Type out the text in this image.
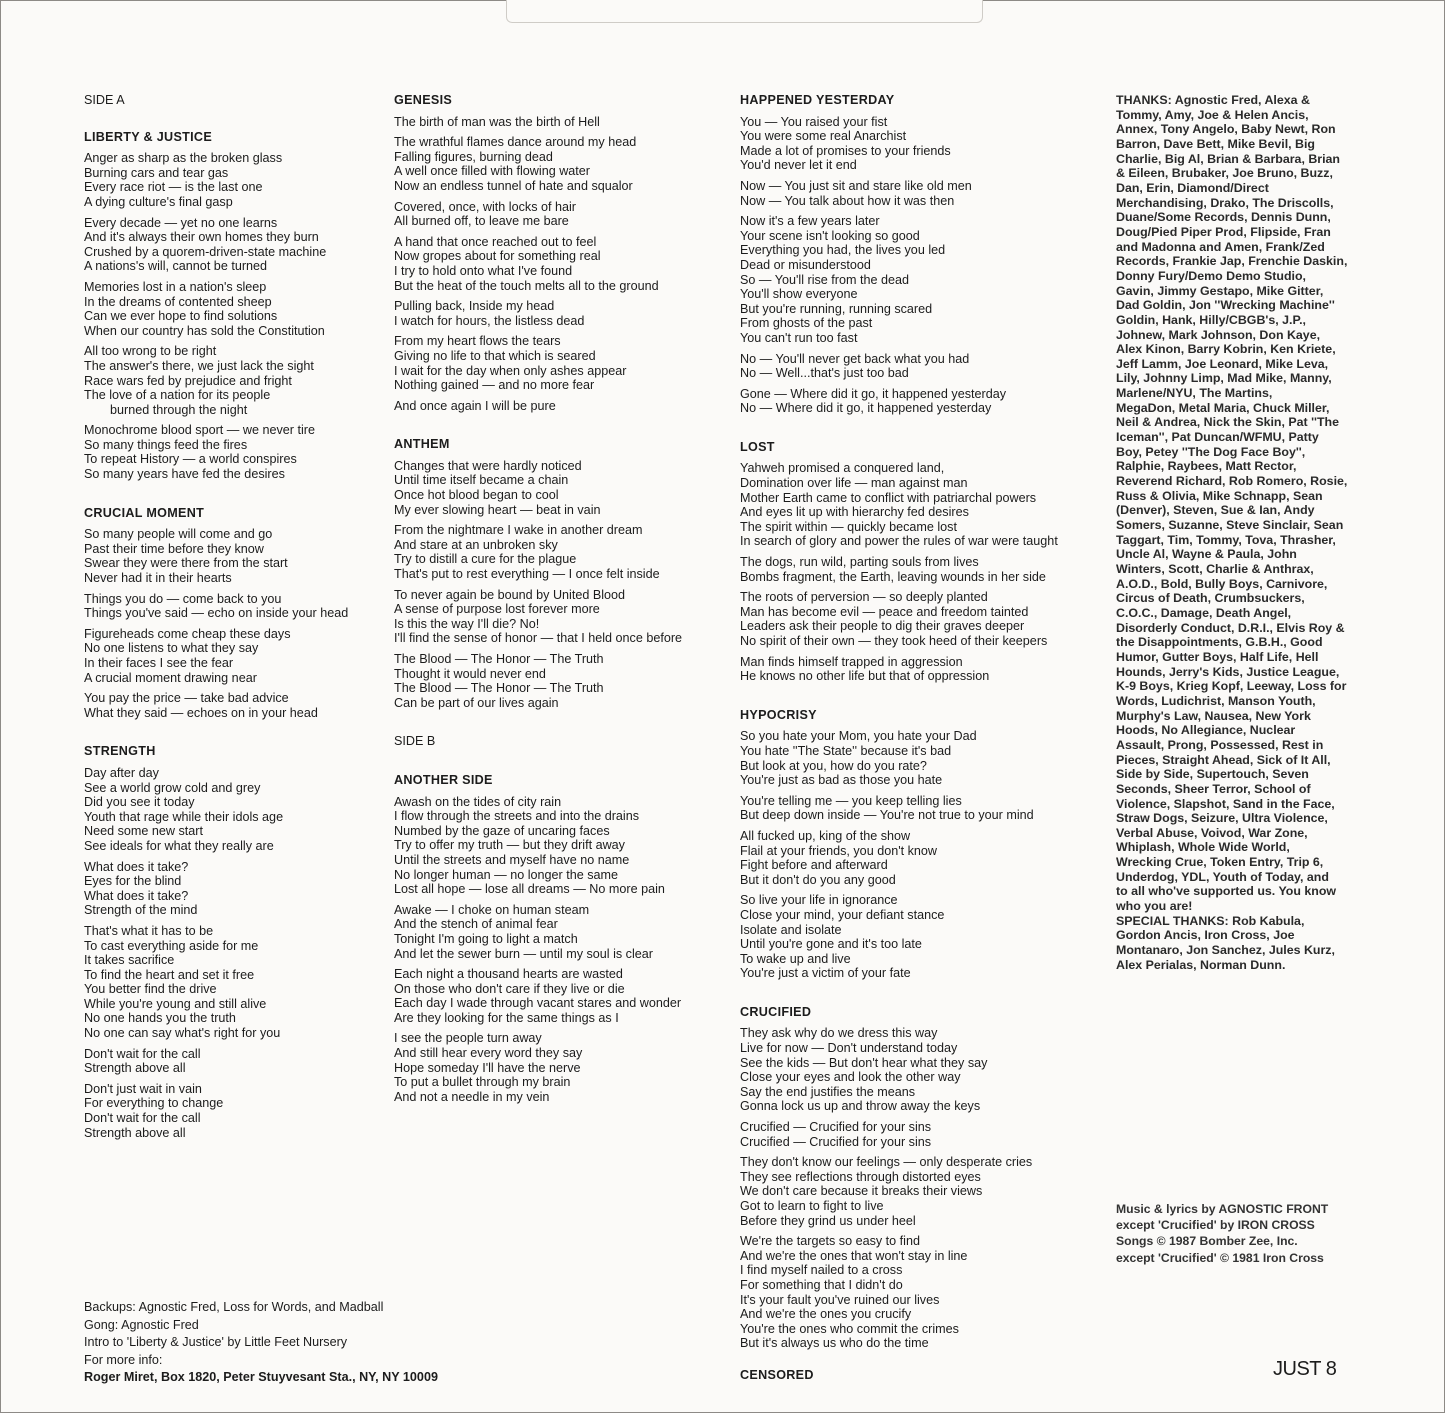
SIDE A
LIBERTY & JUSTICE
Anger as sharp as the broken glass
Burning cars and tear gas
Every race riot — is the last one
A dying culture's final gasp
Every decade — yet no one learns
And it's always their own homes they burn
Crushed by a quorem-driven-state machine
A nations's will, cannot be turned
Memories lost in a nation's sleep
In the dreams of contented sheep
Can we ever hope to find solutions
When our country has sold the Constitution
All too wrong to be right
The answer's there, we just lack the sight
Race wars fed by prejudice and fright
The love of a nation for its people
burned through the night
Monochrome blood sport — we never tire
So many things feed the fires
To repeat History — a world conspires
So many years have fed the desires
CRUCIAL MOMENT
So many people will come and go
Past their time before they know
Swear they were there from the start
Never had it in their hearts
Things you do — come back to you
Things you've said — echo on inside your head
Figureheads come cheap these days
No one listens to what they say
In their faces I see the fear
A crucial moment drawing near
You pay the price — take bad advice
What they said — echoes on in your head
STRENGTH
Day after day
See a world grow cold and grey
Did you see it today
Youth that rage while their idols age
Need some new start
See ideals for what they really are
What does it take?
Eyes for the blind
What does it take?
Strength of the mind
That's what it has to be
To cast everything aside for me
It takes sacrifice
To find the heart and set it free
You better find the drive
While you're young and still alive
No one hands you the truth
No one can say what's right for you
Don't wait for the call
Strength above all
Don't just wait in vain
For everything to change
Don't wait for the call
Strength above all
GENESIS
The birth of man was the birth of Hell
The wrathful flames dance around my head
Falling figures, burning dead
A well once filled with flowing water
Now an endless tunnel of hate and squalor
Covered, once, with locks of hair
All burned off, to leave me bare
A hand that once reached out to feel
Now gropes about for something real
I try to hold onto what I've found
But the heat of the touch melts all to the ground
Pulling back, Inside my head
I watch for hours, the listless dead
From my heart flows the tears
Giving no life to that which is seared
I wait for the day when only ashes appear
Nothing gained — and no more fear
And once again I will be pure
ANTHEM
Changes that were hardly noticed
Until time itself became a chain
Once hot blood began to cool
My ever slowing heart — beat in vain
From the nightmare I wake in another dream
And stare at an unbroken sky
Try to distill a cure for the plague
That's put to rest everything — I once felt inside
To never again be bound by United Blood
A sense of purpose lost forever more
Is this the way I'll die? No!
I'll find the sense of honor — that I held once before
The Blood — The Honor — The Truth
Thought it would never end
The Blood — The Honor — The Truth
Can be part of our lives again
SIDE B
ANOTHER SIDE
Awash on the tides of city rain
I flow through the streets and into the drains
Numbed by the gaze of uncaring faces
Try to offer my truth — but they drift away
Until the streets and myself have no name
No longer human — no longer the same
Lost all hope — lose all dreams — No more pain
Awake — I choke on human steam
And the stench of animal fear
Tonight I'm going to light a match
And let the sewer burn — until my soul is clear
Each night a thousand hearts are wasted
On those who don't care if they live or die
Each day I wade through vacant stares and wonder
Are they looking for the same things as I
I see the people turn away
And still hear every word they say
Hope someday I'll have the nerve
To put a bullet through my brain
And not a needle in my vein
HAPPENED YESTERDAY
You — You raised your fist
You were some real Anarchist
Made a lot of promises to your friends
You'd never let it end
Now — You just sit and stare like old men
Now — You talk about how it was then
Now it's a few years later
Your scene isn't looking so good
Everything you had, the lives you led
Dead or misunderstood
So — You'll rise from the dead
You'll show everyone
But you're running, running scared
From ghosts of the past
You can't run too fast
No — You'll never get back what you had
No — Well...that's just too bad
Gone — Where did it go, it happened yesterday
No — Where did it go, it happened yesterday
LOST
Yahweh promised a conquered land,
Domination over life — man against man
Mother Earth came to conflict with patriarchal powers
And eyes lit up with hierarchy fed desires
The spirit within — quickly became lost
In search of glory and power the rules of war were taught
The dogs, run wild, parting souls from lives
Bombs fragment, the Earth, leaving wounds in her side
The roots of perversion — so deeply planted
Man has become evil — peace and freedom tainted
Leaders ask their people to dig their graves deeper
No spirit of their own — they took heed of their keepers
Man finds himself trapped in aggression
He knows no other life but that of oppression
HYPOCRISY
So you hate your Mom, you hate your Dad
You hate ''The State'' because it's bad
But look at you, how do you rate?
You're just as bad as those you hate
You're telling me — you keep telling lies
But deep down inside — You're not true to your mind
All fucked up, king of the show
Flail at your friends, you don't know
Fight before and afterward
But it don't do you any good
So live your life in ignorance
Close your mind, your defiant stance
Isolate and isolate
Until you're gone and it's too late
To wake up and live
You're just a victim of your fate
CRUCIFIED
They ask why do we dress this way
Live for now — Don't understand today
See the kids — But don't hear what they say
Close your eyes and look the other way
Say the end justifies the means
Gonna lock us up and throw away the keys
Crucified — Crucified for your sins
Crucified — Crucified for your sins
They don't know our feelings — only desperate cries
They see reflections through distorted eyes
We don't care because it breaks their views
Got to learn to fight to live
Before they grind us under heel
We're the targets so easy to find
And we're the ones that won't stay in line
I find myself nailed to a cross
For something that I didn't do
It's your fault you've ruined our lives
And we're the ones you crucify
You're the ones who commit the crimes
But it's always us who do the time
THANKS: Agnostic Fred, Alexa &
Tommy, Amy, Joe & Helen Ancis,
Annex, Tony Angelo, Baby Newt, Ron
Barron, Dave Bett, Mike Bevil, Big
Charlie, Big Al, Brian & Barbara, Brian
& Eileen, Brubaker, Joe Bruno, Buzz,
Dan, Erin, Diamond/Direct
Merchandising, Drako, The Driscolls,
Duane/Some Records, Dennis Dunn,
Doug/Pied Piper Prod, Flipside, Fran
and Madonna and Amen, Frank/Zed
Records, Frankie Jap, Frenchie Daskin,
Donny Fury/Demo Demo Studio,
Gavin, Jimmy Gestapo, Mike Gitter,
Dad Goldin, Jon ''Wrecking Machine''
Goldin, Hank, Hilly/CBGB's, J.P.,
Johnew, Mark Johnson, Don Kaye,
Alex Kinon, Barry Kobrin, Ken Kriete,
Jeff Lamm, Joe Leonard, Mike Leva,
Lily, Johnny Limp, Mad Mike, Manny,
Marlene/NYU, The Martins,
MegaDon, Metal Maria, Chuck Miller,
Neil & Andrea, Nick the Skin, Pat ''The
Iceman'', Pat Duncan/WFMU, Patty
Boy, Petey ''The Dog Face Boy'',
Ralphie, Raybees, Matt Rector,
Reverend Richard, Rob Romero, Rosie,
Russ & Olivia, Mike Schnapp, Sean
(Denver), Steven, Sue & Ian, Andy
Somers, Suzanne, Steve Sinclair, Sean
Taggart, Tim, Tommy, Tova, Thrasher,
Uncle Al, Wayne & Paula, John
Winters, Scott, Charlie & Anthrax,
A.O.D., Bold, Bully Boys, Carnivore,
Circus of Death, Crumbsuckers,
C.O.C., Damage, Death Angel,
Disorderly Conduct, D.R.I., Elvis Roy &
the Disappointments, G.B.H., Good
Humor, Gutter Boys, Half Life, Hell
Hounds, Jerry's Kids, Justice League,
K-9 Boys, Krieg Kopf, Leeway, Loss for
Words, Ludichrist, Manson Youth,
Murphy's Law, Nausea, New York
Hoods, No Allegiance, Nuclear
Assault, Prong, Possessed, Rest in
Pieces, Straight Ahead, Sick of It All,
Side by Side, Supertouch, Seven
Seconds, Sheer Terror, School of
Violence, Slapshot, Sand in the Face,
Straw Dogs, Seizure, Ultra Violence,
Verbal Abuse, Voivod, War Zone,
Whiplash, Whole Wide World,
Wrecking Crue, Token Entry, Trip 6,
Underdog, YDL, Youth of Today, and
to all who've supported us. You know
who you are!
SPECIAL THANKS: Rob Kabula,
Gordon Ancis, Iron Cross, Joe
Montanaro, Jon Sanchez, Jules Kurz,
Alex Perialas, Norman Dunn.
Backups: Agnostic Fred, Loss for Words, and Madball
Gong: Agnostic Fred
Intro to 'Liberty & Justice' by Little Feet Nursery
For more info:
Roger Miret, Box 1820, Peter Stuyvesant Sta., NY, NY 10009	CENSORED
Music & lyrics by AGNOSTIC FRONT
except 'Crucified' by IRON CROSS
Songs © 1987 Bomber Zee, Inc.
except 'Crucified' © 1981 Iron Cross
JUST 8
